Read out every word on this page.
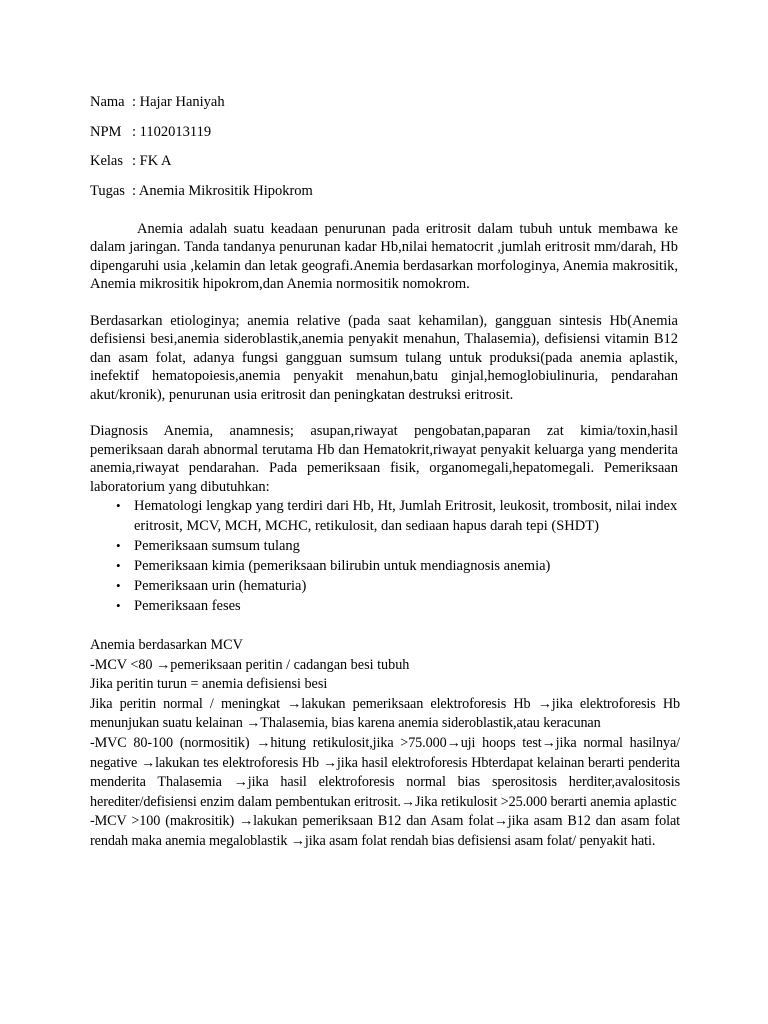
Nama : Hajar Haniyah
NPM : 1102013119
Kelas : FK A
Tugas : Anemia Mikrositik Hipokrom

Anemia adalah suatu keadaan penurunan pada eritrosit dalam tubuh untuk membawa ke dalam jaringan. Tanda tandanya penurunan kadar Hb,nilai hematocrit ,jumlah eritrosit mm/darah, Hb dipengaruhi usia ,kelamin dan letak geografi.Anemia berdasarkan morfologinya, Anemia makrositik, Anemia mikrositik hipokrom,dan Anemia normositik nomokrom.

Berdasarkan etiologinya; anemia relative (pada saat kehamilan), gangguan sintesis Hb(Anemia defisiensi besi,anemia sideroblastik,anemia penyakit menahun, Thalasemia), defisiensi vitamin B12 dan asam folat, adanya fungsi gangguan sumsum tulang untuk produksi(pada anemia aplastik, inefektif hematopoiesis,anemia penyakit menahun,batu ginjal,hemoglobiulinuria, pendarahan akut/kronik), penurunan usia eritrosit dan peningkatan destruksi eritrosit.

Diagnosis Anemia, anamnesis; asupan,riwayat pengobatan,paparan zat kimia/toxin,hasil pemeriksaan darah abnormal terutama Hb dan Hematokrit,riwayat penyakit keluarga yang menderita anemia,riwayat pendarahan. Pada pemeriksaan fisik, organomegali,hepatomegali. Pemeriksaan laboratorium yang dibutuhkan:

• Hematologi lengkap yang terdiri dari Hb, Ht, Jumlah Eritrosit, leukosit, trombosit, nilai index eritrosit, MCV, MCH, MCHC, retikulosit, dan sediaan hapus darah tepi (SHDT)
• Pemeriksaan sumsum tulang
• Pemeriksaan kimia (pemeriksaan bilirubin untuk mendiagnosis anemia)
• Pemeriksaan urin (hematuria)
• Pemeriksaan feses

Anemia berdasarkan MCV

-MCV <80 →pemeriksaan peritin / cadangan besi tubuh

Jika peritin turun = anemia defisiensi besi

Jika peritin normal / meningkat →lakukan pemeriksaan elektroforesis Hb →jika elektroforesis Hb menunjukan suatu kelainan →Thalasemia, bias karena anemia sideroblastik,atau keracunan

-MVC 80-100 (normositik) →hitung retikulosit,jika >75.000→uji hoops test→jika normal hasilnya/ negative →lakukan tes elektroforesis Hb →jika hasil elektroforesis Hbterdapat kelainan berarti penderita menderita Thalasemia →jika hasil elektroforesis normal bias sperositosis herditer,avalositosis herediter/defisiensi enzim dalam pembentukan eritrosit.→Jika retikulosit >25.000 berarti anemia aplastic

-MCV >100 (makrositik) →lakukan pemeriksaan B12 dan Asam folat→jika asam B12 dan asam folat rendah maka anemia megaloblastik →jika asam folat rendah bias defisiensi asam folat/ penyakit hati.
